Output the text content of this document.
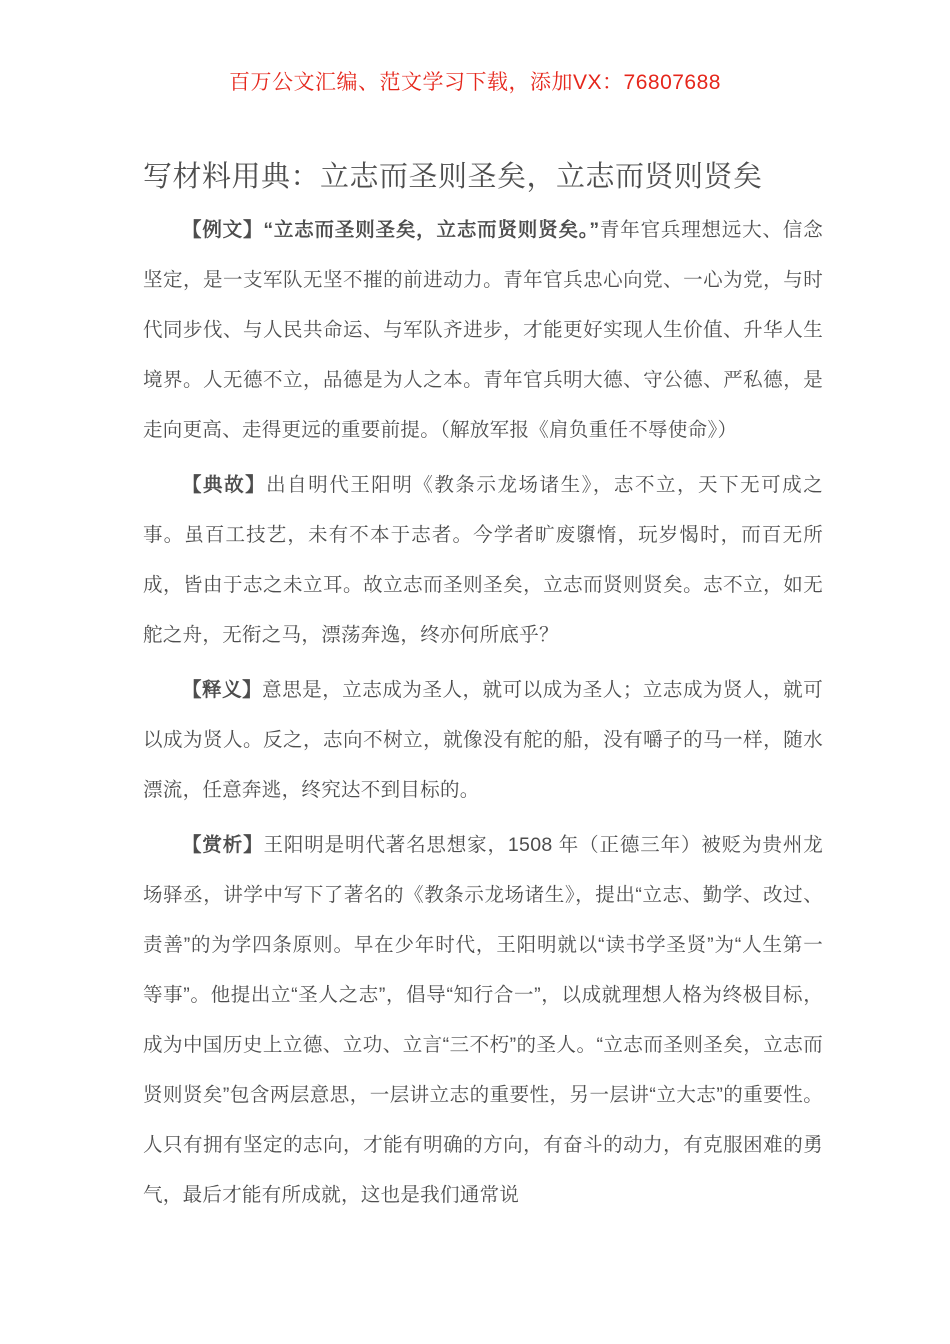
百万公文汇编、范文学习下载，添加VX：76807688
写材料用典：立志而圣则圣矣，立志而贤则贤矣

【例文】“立志而圣则圣矣，立志而贤则贤矣。”青年官兵理想远大、信念坚定，是一支军队无坚不摧的前进动力。青年官兵忠心向党、一心为党，与时代同步伐、与人民共命运、与军队齐进步，才能更好实现人生价值、升华人生境界。人无德不立，品德是为人之本。青年官兵明大德、守公德、严私德，是走向更高、走得更远的重要前提。（解放军报《肩负重任不辱使命》）

【典故】出自明代王阳明《教条示龙场诸生》，志不立，天下无可成之事。虽百工技艺，未有不本于志者。今学者旷废隳惰，玩岁愒时，而百无所成，皆由于志之未立耳。故立志而圣则圣矣，立志而贤则贤矣。志不立，如无舵之舟，无衔之马，漂荡奔逸，终亦何所底乎？

【释义】意思是，立志成为圣人，就可以成为圣人；立志成为贤人，就可以成为贤人。反之，志向不树立，就像没有舵的船，没有嚼子的马一样，随水漂流，任意奔逃，终究达不到目标的。

【赏析】王阳明是明代著名思想家，1508 年（正德三年）被贬为贵州龙场驿丞，讲学中写下了著名的《教条示龙场诸生》，提出“立志、勤学、改过、责善”的为学四条原则。早在少年时代，王阳明就以“读书学圣贤”为“人生第一等事”。他提出立“圣人之志”，倡导“知行合一”，以成就理想人格为终极目标，成为中国历史上立德、立功、立言“三不朽”的圣人。“立志而圣则圣矣，立志而贤则贤矣”包含两层意思，一层讲立志的重要性，另一层讲“立大志”的重要性。人只有拥有坚定的志向，才能有明确的方向，有奋斗的动力，有克服困难的勇气，最后才能有所成就，这也是我们通常说
